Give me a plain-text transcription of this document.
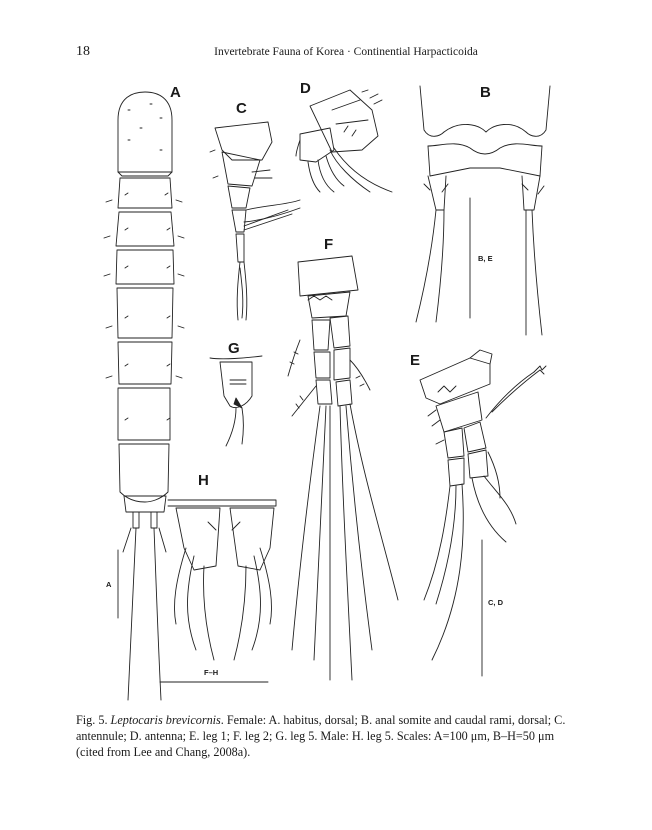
18	Invertebrate Fauna of Korea · Continential Harpacticoida
A	B
C
D
E
F
G
H
A
B, E
C, D
F–H
Fig. 5. Leptocaris brevicornis. Female: A. habitus, dorsal; B. anal somite and caudal rami, dorsal; C. antennule; D. antenna; E. leg 1; F. leg 2; G. leg 5. Male: H. leg 5. Scales: A=100 μm, B–H=50 μm (cited from Lee and Chang, 2008a).
